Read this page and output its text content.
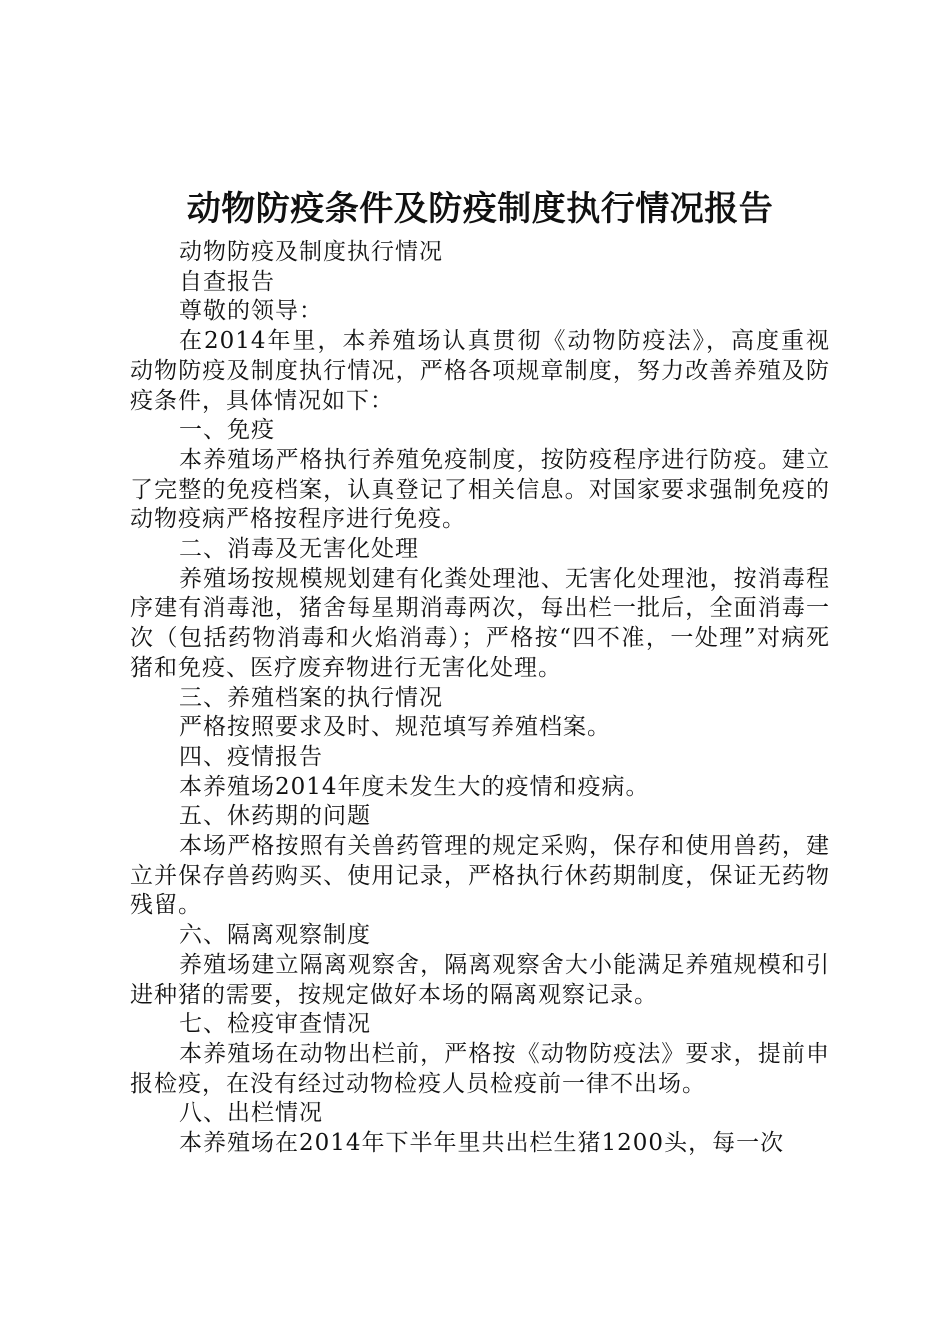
动物防疫条件及防疫制度执行情况报告

动物防疫及制度执行情况

自查报告

尊敬的领导：

在2014年里，本养殖场认真贯彻《动物防疫法》，高度重视动物防疫及制度执行情况，严格各项规章制度，努力改善养殖及防疫条件，具体情况如下：

一、免疫

本养殖场严格执行养殖免疫制度，按防疫程序进行防疫。建立了完整的免疫档案，认真登记了相关信息。对国家要求强制免疫的动物疫病严格按程序进行免疫。

二、消毒及无害化处理

养殖场按规模规划建有化粪处理池、无害化处理池，按消毒程序建有消毒池，猪舍每星期消毒两次，每出栏一批后，全面消毒一次（包括药物消毒和火焰消毒）；严格按“四不准，一处理”对病死猪和免疫、医疗废弃物进行无害化处理。

三、养殖档案的执行情况

严格按照要求及时、规范填写养殖档案。

四、疫情报告

本养殖场2014年度未发生大的疫情和疫病。

五、休药期的问题

本场严格按照有关兽药管理的规定采购，保存和使用兽药，建立并保存兽药购买、使用记录，严格执行休药期制度，保证无药物残留。

六、隔离观察制度

养殖场建立隔离观察舍，隔离观察舍大小能满足养殖规模和引进种猪的需要，按规定做好本场的隔离观察记录。

七、检疫审查情况

本养殖场在动物出栏前，严格按《动物防疫法》要求，提前申报检疫，在没有经过动物检疫人员检疫前一律不出场。

八、出栏情况

本养殖场在2014年下半年里共出栏生猪1200头，每一次
